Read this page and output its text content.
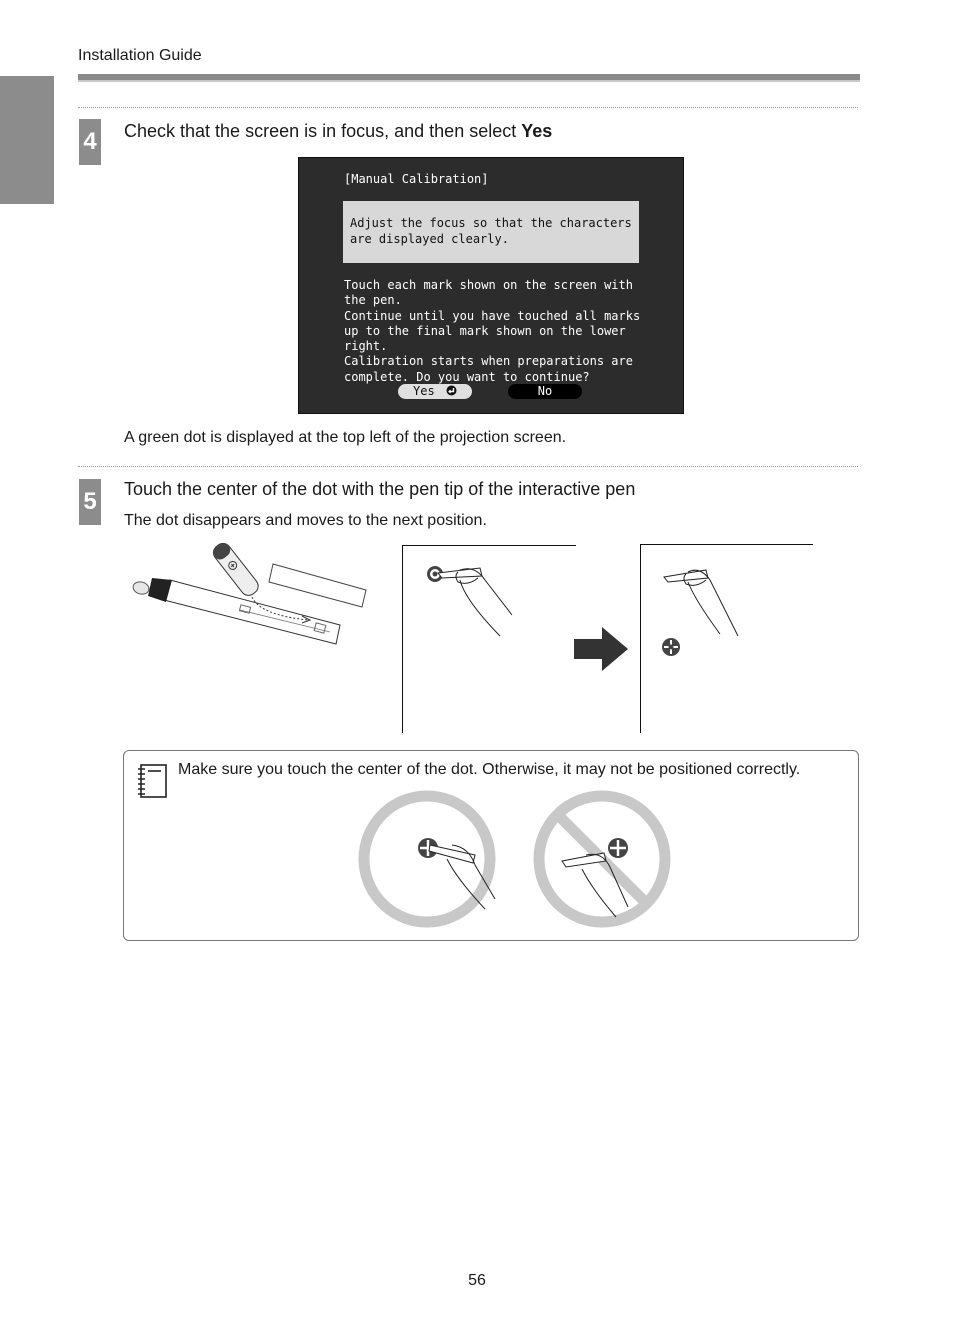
Installation Guide
4 Check that the screen is in focus, and then select Yes
[Manual Calibration]
Adjust the focus so that the characters are displayed clearly.
Touch each mark shown on the screen with the pen.
Continue until you have touched all marks up to the final mark shown on the lower right.
Calibration starts when preparations are complete. Do you want to continue?
Yes	No
A green dot is displayed at the top left of the projection screen.
5 Touch the center of the dot with the pen tip of the interactive pen
The dot disappears and moves to the next position.
Make sure you touch the center of the dot. Otherwise, it may not be positioned correctly.
56
